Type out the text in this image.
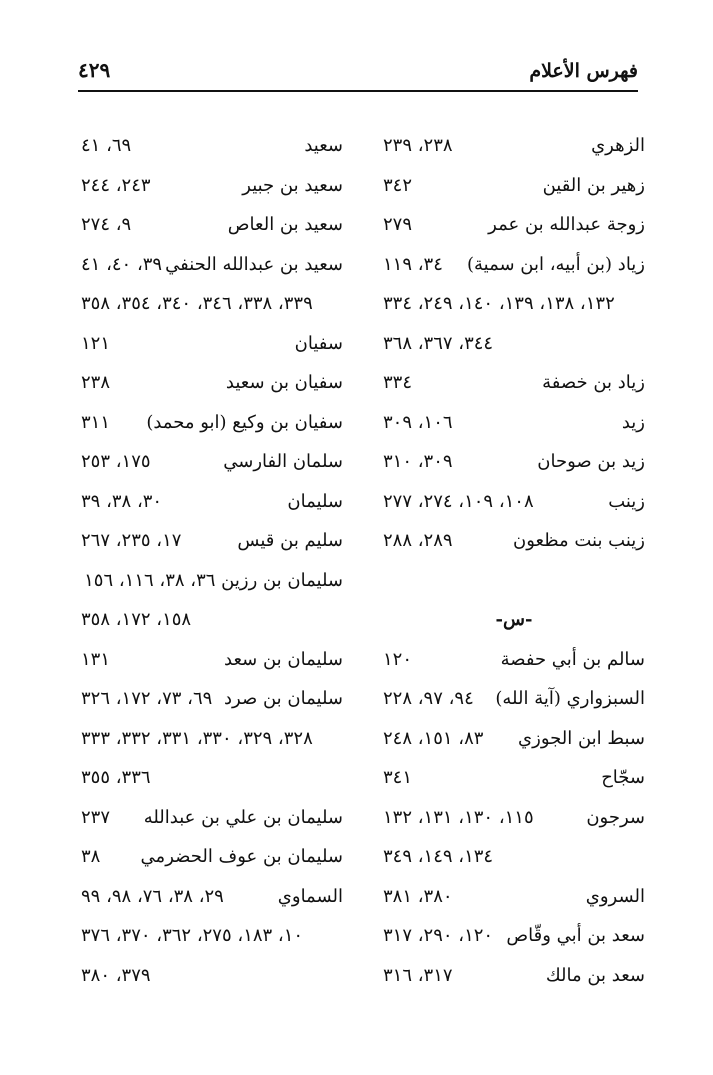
فهرس الأعلام
٤٢٩
الزهري
٢٣٨، ٢٣٩
زهير بن القين
٣٤٢
زوجة عبدالله بن عمر
٢٧٩
زياد (بن أبيه، ابن سمية)
٣٤، ١١٩
١٣٢، ١٣٨، ١٣٩، ١٤٠، ٢٤٩، ٣٣٤
٣٤٤، ٣٦٧، ٣٦٨
زياد بن خصفة
٣٣٤
زيد
١٠٦، ٣٠٩
زيد بن صوحان
٣٠٩، ٣١٠
زينب
١٠٨، ١٠٩، ٢٧٤، ٢٧٧
زينب بنت مظعون
٢٨٩، ٢٨٨
-س-
سالم بن أبي حفصة
١٢٠
السبزواري (آية الله)
٩٤، ٩٧، ٢٢٨
سبط ابن الجوزي
٨٣، ١٥١، ٢٤٨
سجّاح
٣٤١
سرجون
١١٥، ١٣٠، ١٣١، ١٣٢
١٣٤، ١٤٩، ٣٤٩
السروي
٣٨٠، ٣٨١
سعد بن أبي وقّاص
١٢٠، ٢٩٠، ٣١٧
سعد بن مالك
٣١٧، ٣١٦
سعيد
٦٩، ٤١
سعيد بن جبير
٢٤٣، ٢٤٤
سعيد بن العاص
٩، ٢٧٤
سعيد بن عبدالله الحنفي
٣٩، ٤٠، ٤١
٣٣٩، ٣٣٨، ٣٤٦، ٣٤٠، ٣٥٤، ٣٥٨
سفيان
١٢١
سفيان بن سعيد
٢٣٨
سفيان بن وكيع (ابو محمد)
٣١١
سلمان الفارسي
١٧٥، ٢٥٣
سليمان
٣٠، ٣٨، ٣٩
سليم بن قيس
١٧، ٢٣٥، ٢٦٧
سليمان بن رزين ٣٦، ٣٨، ١١٦، ١٥٦
١٥٨، ١٧٢، ٣٥٨
سليمان بن سعد
١٣١
سليمان بن صرد
٦٩، ٧٣، ١٧٢، ٣٢٦
٣٢٨، ٣٢٩، ٣٣٠، ٣٣١، ٣٣٢، ٣٣٣
٣٣٦، ٣٥٥
سليمان بن علي بن عبدالله
٢٣٧
سليمان بن عوف الحضرمي
٣٨
السماوي
٢٩، ٣٨، ٧٦، ٩٨، ٩٩
١٠، ١٨٣، ٢٧٥، ٣٦٢، ٣٧٠، ٣٧٦
٣٧٩، ٣٨٠
